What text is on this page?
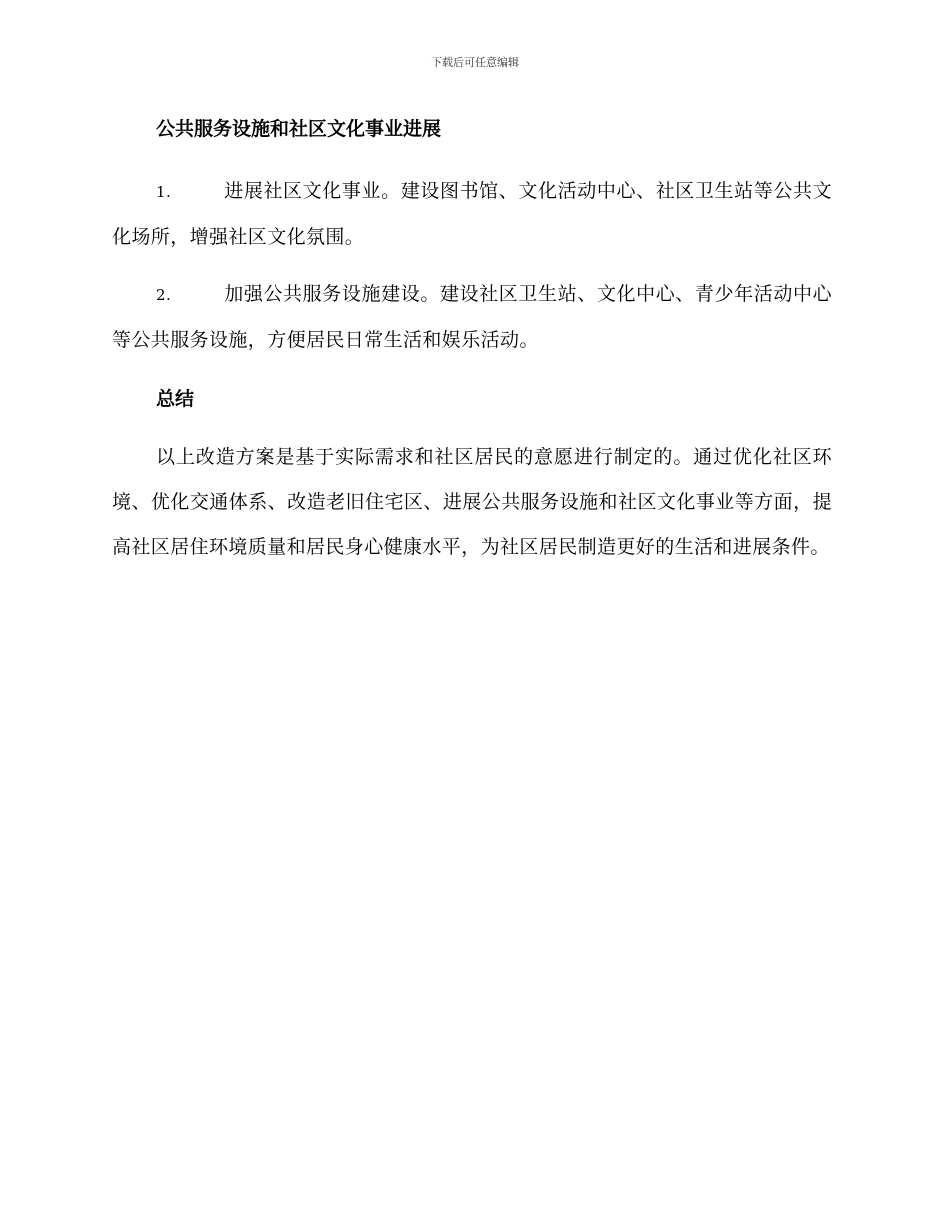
下载后可任意编辑
公共服务设施和社区文化事业进展
1.	进展社区文化事业。建设图书馆、文化活动中心、社区卫生站等公共文化场所，增强社区文化氛围。
2.	加强公共服务设施建设。建设社区卫生站、文化中心、青少年活动中心等公共服务设施，方便居民日常生活和娱乐活动。
总结
以上改造方案是基于实际需求和社区居民的意愿进行制定的。通过优化社区环境、优化交通体系、改造老旧住宅区、进展公共服务设施和社区文化事业等方面，提高社区居住环境质量和居民身心健康水平，为社区居民制造更好的生活和进展条件。
